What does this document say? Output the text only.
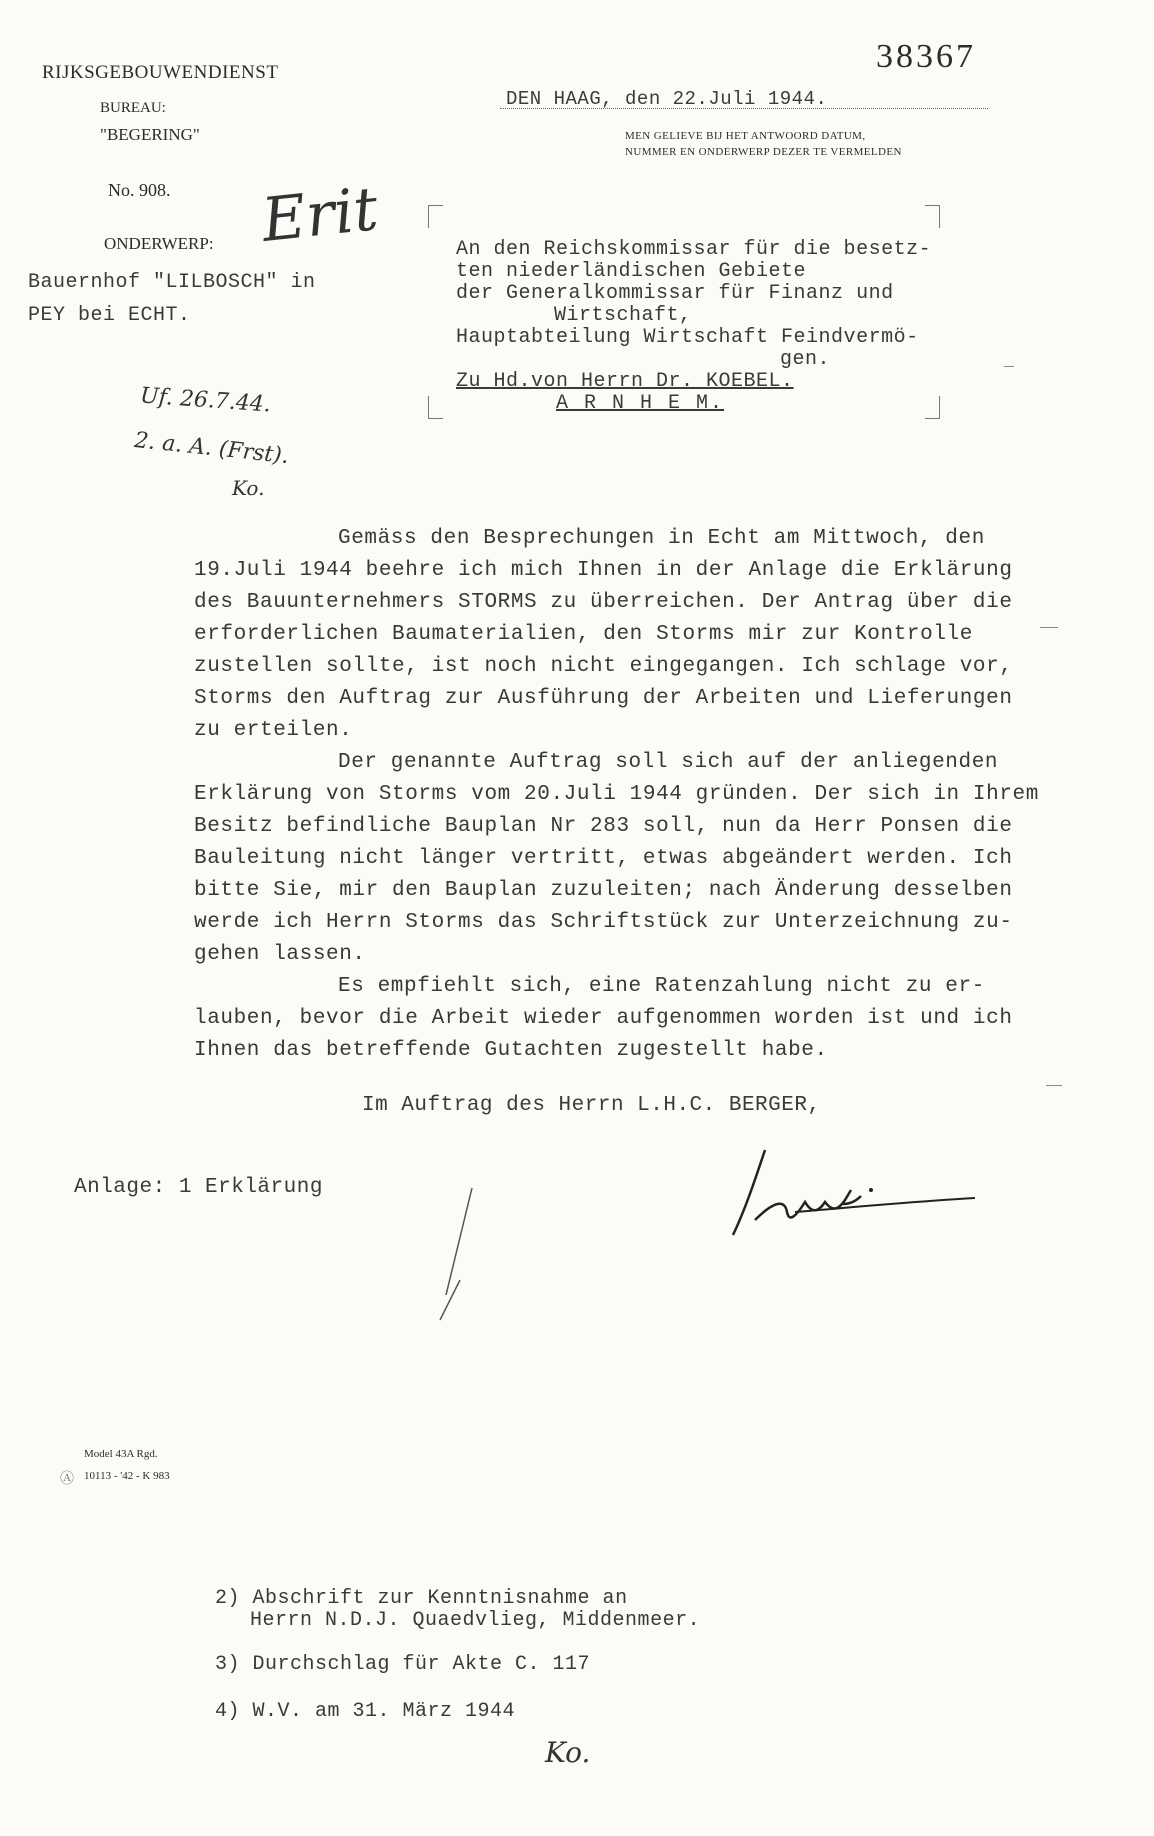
RIJKSGEBOUWENDIENST
BUREAU:
"BEGERING"
No. 908.
ONDERWERP:
Bauernhof "LILBOSCH" in
PEY bei ECHT.
38367
DEN HAAG, den 22.Juli 1944.
MEN GELIEVE BIJ HET ANTWOORD DATUM,
NUMMER EN ONDERWERP DEZER TE VERMELDEN
Erit	An den Reichskommissar für die besetz-
ten niederländischen Gebiete
der Generalkommissar für Finanz und
Wirtschaft,
Hauptabteilung Wirtschaft Feindvermö-
gen.
Zu Hd.von Herrn Dr. KOEBEL.
A R N H E M.
Uf. 26.7.44.
2. a. A. (Frst).
Ko.
Gemäss den Besprechungen in Echt am Mittwoch, den
19.Juli 1944 beehre ich mich Ihnen in der Anlage die Erklärung
des Bauunternehmers STORMS zu überreichen. Der Antrag über die
erforderlichen Baumaterialien, den Storms mir zur Kontrolle
zustellen sollte, ist noch nicht eingegangen. Ich schlage vor,
Storms den Auftrag zur Ausführung der Arbeiten und Lieferungen
zu erteilen.
Der genannte Auftrag soll sich auf der anliegenden
Erklärung von Storms vom 20.Juli 1944 gründen. Der sich in Ihrem
Besitz befindliche Bauplan Nr 283 soll, nun da Herr Ponsen die
Bauleitung nicht länger vertritt, etwas abgeändert werden. Ich
bitte Sie, mir den Bauplan zuzuleiten; nach Änderung desselben
werde ich Herrn Storms das Schriftstück zur Unterzeichnung zu-
gehen lassen.
Es empfiehlt sich, eine Ratenzahlung nicht zu er-
lauben, bevor die Arbeit wieder aufgenommen worden ist und ich
Ihnen das betreffende Gutachten zugestellt habe.
Im Auftrag des Herrn L.H.C. BERGER,
Anlage: 1 Erklärung
Model 43A Rgd.
Ⓐ 10113 - '42 - K 983
2) Abschrift zur Kenntnisnahme an
Herrn N.D.J. Quaedvlieg, Middenmeer.
3) Durchschlag für Akte C. 117
4) W.V. am 31. März 1944
Ko.
